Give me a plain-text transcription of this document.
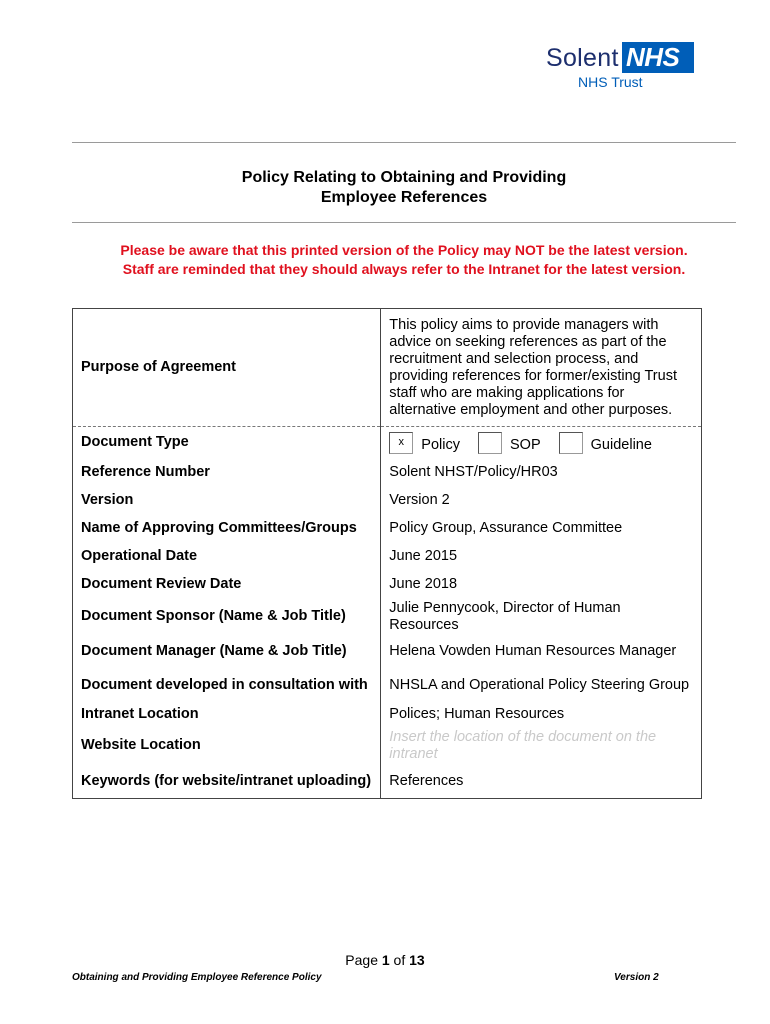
Solent NHS
NHS Trust
Policy Relating to Obtaining and Providing
Employee References
Please be aware that this printed version of the Policy may NOT be the latest version.
Staff are reminded that they should always refer to the Intranet for the latest version.
Purpose of Agreement	This policy aims to provide managers with advice on seeking references as part of the recruitment and selection process, and providing references for former/existing Trust staff who are making applications for alternative employment and other purposes.
Document Type	x Policy SOP Guideline
Reference Number	Solent NHST/Policy/HR03
Version	Version 2
Name of Approving Committees/Groups	Policy Group, Assurance Committee
Operational Date	June 2015
Document Review Date	June 2018
Document Sponsor (Name & Job Title)	Julie Pennycook, Director of Human Resources
Document Manager (Name & Job Title)	Helena Vowden Human Resources Manager
Document developed in consultation with	NHSLA and Operational Policy Steering Group
Intranet Location	Polices; Human Resources
Website Location	Insert the location of the document on the intranet
Keywords (for website/intranet uploading)	References
Page 1 of 13
Obtaining and Providing Employee Reference Policy	Version 2
